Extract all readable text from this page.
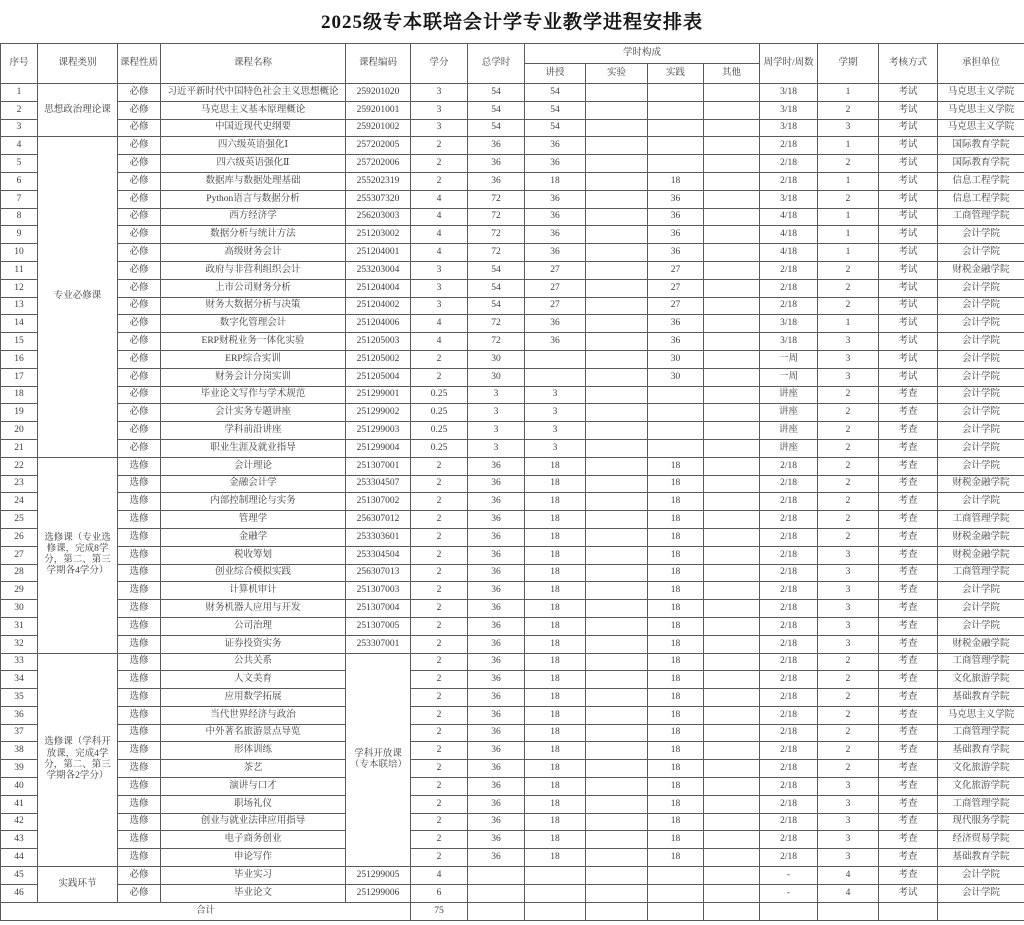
2025级专本联培会计学专业教学进程安排表
序号	课程类别	课程性质	课程名称	课程编码	学分	总学时	学时构成				周学时/周数	学期	考核方式	承担单位
							讲授	实验	实践	其他				
1	思想政治理论课	必修	习近平新时代中国特色社会主义思想概论	259201020	3	54	54				3/18	1	考试	马克思主义学院
2		必修	马克思主义基本原理概论	259201001	3	54	54				3/18	2	考试	马克思主义学院
3		必修	中国近现代史纲要	259201002	3	54	54				3/18	3	考试	马克思主义学院
4	专业必修课	必修	四六级英语强化Ⅰ	257202005	2	36	36				2/18	1	考试	国际教育学院
5		必修	四六级英语强化Ⅱ	257202006	2	36	36				2/18	2	考试	国际教育学院
6		必修	数据库与数据处理基础	255202319	2	36	18		18		2/18	1	考试	信息工程学院
7		必修	Python语言与数据分析	255307320	4	72	36		36		3/18	2	考试	信息工程学院
8		必修	西方经济学	256203003	4	72	36		36		4/18	1	考试	工商管理学院
9		必修	数据分析与统计方法	251203002	4	72	36		36		4/18	1	考试	会计学院
10		必修	高级财务会计	251204001	4	72	36		36		4/18	1	考试	会计学院
11		必修	政府与非营利组织会计	253203004	3	54	27		27		2/18	2	考试	财税金融学院
12		必修	上市公司财务分析	251204004	3	54	27		27		2/18	2	考试	会计学院
13		必修	财务大数据分析与决策	251204002	3	54	27		27		2/18	2	考试	会计学院
14		必修	数字化管理会计	251204006	4	72	36		36		3/18	1	考试	会计学院
15		必修	ERP财税业务一体化实验	251205003	4	72	36		36		3/18	3	考试	会计学院
16		必修	ERP综合实训	251205002	2	30			30		一周	3	考试	会计学院
17		必修	财务会计分岗实训	251205004	2	30			30		一周	3	考试	会计学院
18		必修	毕业论文写作与学术规范	251299001	0.25	3	3				讲座	2	考查	会计学院
19		必修	会计实务专题讲座	251299002	0.25	3	3				讲座	2	考查	会计学院
20		必修	学科前沿讲座	251299003	0.25	3	3				讲座	2	考查	会计学院
21		必修	职业生涯及就业指导	251299004	0.25	3	3				讲座	2	考查	会计学院
22	选修课（专业选修课，完成8学分，第二、第三学期各4学分）	选修	会计理论	251307001	2	36	18		18		2/18	2	考查	会计学院
23		选修	金融会计学	253304507	2	36	18		18		2/18	2	考查	财税金融学院
24		选修	内部控制理论与实务	251307002	2	36	18		18		2/18	2	考查	会计学院
25		选修	管理学	256307012	2	36	18		18		2/18	2	考查	工商管理学院
26		选修	金融学	253303601	2	36	18		18		2/18	2	考查	财税金融学院
27		选修	税收筹划	253304504	2	36	18		18		2/18	3	考查	财税金融学院
28		选修	创业综合模拟实践	256307013	2	36	18		18		2/18	3	考查	工商管理学院
29		选修	计算机审计	251307003	2	36	18		18		2/18	3	考查	会计学院
30		选修	财务机器人应用与开发	251307004	2	36	18		18		2/18	3	考查	会计学院
31		选修	公司治理	251307005	2	36	18		18		2/18	3	考查	会计学院
32		选修	证券投资实务	253307001	2	36	18		18		2/18	3	考查	财税金融学院
33	选修课（学科开放课，完成4学分，第二、第三学期各2学分）	选修	公共关系	学科开放课（专本联培）	2	36	18		18		2/18	2	考查	工商管理学院
34		选修	人文美育		2	36	18		18		2/18	2	考查	文化旅游学院
35		选修	应用数学拓展		2	36	18		18		2/18	2	考查	基础教育学院
36		选修	当代世界经济与政治		2	36	18		18		2/18	2	考查	马克思主义学院
37		选修	中外著名旅游景点导览		2	36	18		18		2/18	2	考查	工商管理学院
38		选修	形体训练		2	36	18		18		2/18	2	考查	基础教育学院
39		选修	茶艺		2	36	18		18		2/18	2	考查	文化旅游学院
40		选修	演讲与口才		2	36	18		18		2/18	3	考查	文化旅游学院
41		选修	职场礼仪		2	36	18		18		2/18	3	考查	工商管理学院
42		选修	创业与就业法律应用指导		2	36	18		18		2/18	3	考查	现代服务学院
43		选修	电子商务创业		2	36	18		18		2/18	3	考查	经济贸易学院
44		选修	申论写作		2	36	18		18		2/18	3	考查	基础教育学院
45	实践环节	必修	毕业实习	251299005	4						-	4	考查	会计学院
46		必修	毕业论文	251299006	6						-	4	考试	会计学院
合计					75									
